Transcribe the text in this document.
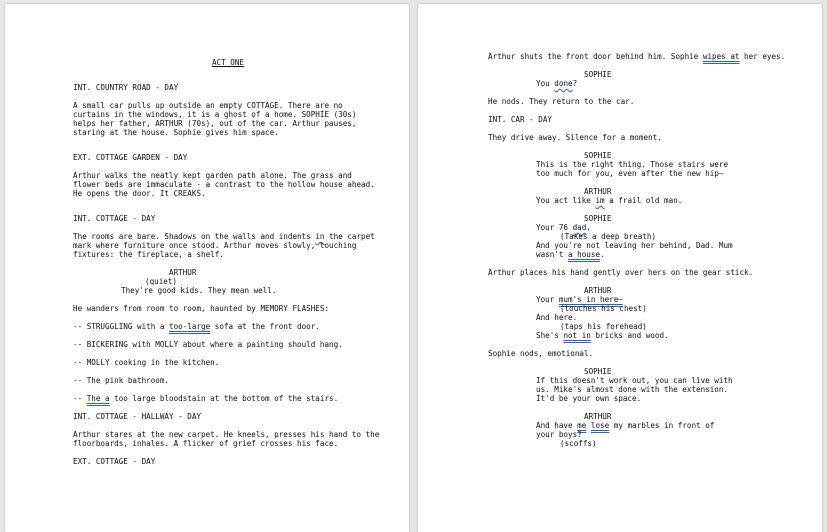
ACT ONE
INT. COUNTRY ROAD - DAY
A small car pulls up outside an empty COTTAGE. There are no curtains in the windows, it is a ghost of a home. SOPHIE (30s) helps her father, ARTHUR (70s), out of the car. Arthur pauses, staring at the house. Sophie gives him space.
EXT. COTTAGE GARDEN - DAY
Arthur walks the neatly kept garden path alone. The grass and flower beds are immaculate - a contrast to the hollow house ahead. He opens the door. It CREAKS.
INT. COTTAGE - DAY
The rooms are bare. Shadows on the walls and indents in the carpet mark where furniture once stood. Arthur moves slowly, touching fixtures: the fireplace, a shelf.
ARTHUR
(quiet)
They're good kids. They mean well.
He wanders from room to room, haunted by MEMORY FLASHES:
-- STRUGGLING with a too-large sofa at the front door.
-- BICKERING with MOLLY about where a painting should hang.
-- MOLLY cooking in the kitchen.
-- The pink bathroom.
-- The a too large bloodstain at the bottom of the stairs.
INT. COTTAGE - HALLWAY - DAY
Arthur stares at the new carpet. He kneels, presses his hand to the floorboards, inhales. A flicker of grief crosses his face.
EXT. COTTAGE - DAY
Arthur shuts the front door behind him. Sophie wipes at her eyes.
SOPHIE
You done?
He nods. They return to the car.
INT. CAR - DAY
They drive away. Silence for a moment.
SOPHIE
This is the right thing. Those stairs were too much for you, even after the new hip—
ARTHUR
You act like im a frail old man.
SOPHIE
Your 76 dad.
(Takes a deep breath)
And you're not leaving her behind, Dad. Mum wasn't a house.
Arthur places his hand gently over hers on the gear stick.
ARTHUR
Your mum's in here—
(touches his chest)
And here.
(taps his forehead)
She's not in bricks and wood.
Sophie nods, emotional.
SOPHIE
If this doesn't work out, you can live with us. Mike's almost done with the extension. It'd be your own space.
ARTHUR
And have me lose my marbles in front of your boys?
(scoffs)
